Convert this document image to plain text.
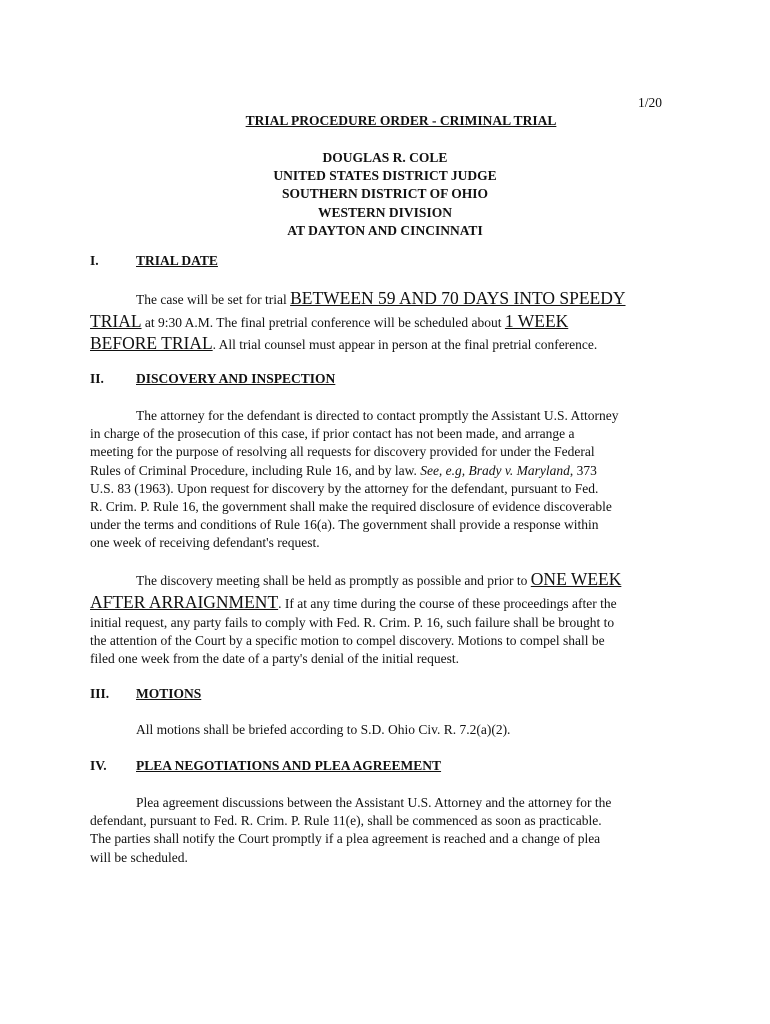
1/20
TRIAL PROCEDURE ORDER - CRIMINAL TRIAL
DOUGLAS R. COLE
UNITED STATES DISTRICT JUDGE
SOUTHERN DISTRICT OF OHIO
WESTERN DIVISION
AT DAYTON AND CINCINNATI
I.	TRIAL DATE
The case will be set for trial BETWEEN 59 AND 70 DAYS INTO SPEEDY
TRIAL at 9:30 A.M. The final pretrial conference will be scheduled about 1 WEEK
BEFORE TRIAL. All trial counsel must appear in person at the final pretrial conference.
II. DISCOVERY AND INSPECTION
The attorney for the defendant is directed to contact promptly the Assistant U.S. Attorney
in charge of the prosecution of this case, if prior contact has not been made, and arrange a
meeting for the purpose of resolving all requests for discovery provided for under the Federal
Rules of Criminal Procedure, including Rule 16, and by law. See, e.g, Brady v. Maryland, 373
U.S. 83 (1963). Upon request for discovery by the attorney for the defendant, pursuant to Fed.
R. Crim. P. Rule 16, the government shall make the required disclosure of evidence discoverable
under the terms and conditions of Rule 16(a). The government shall provide a response within
one week of receiving defendant's request.
The discovery meeting shall be held as promptly as possible and prior to ONE WEEK
AFTER ARRAIGNMENT. If at any time during the course of these proceedings after the
initial request, any party fails to comply with Fed. R. Crim. P. 16, such failure shall be brought to
the attention of the Court by a specific motion to compel discovery. Motions to compel shall be
filed one week from the date of a party's denial of the initial request.
III. MOTIONS
All motions shall be briefed according to S.D. Ohio Civ. R. 7.2(a)(2).
IV. PLEA NEGOTIATIONS AND PLEA AGREEMENT
Plea agreement discussions between the Assistant U.S. Attorney and the attorney for the
defendant, pursuant to Fed. R. Crim. P. Rule 11(e), shall be commenced as soon as practicable.
The parties shall notify the Court promptly if a plea agreement is reached and a change of plea
will be scheduled.
